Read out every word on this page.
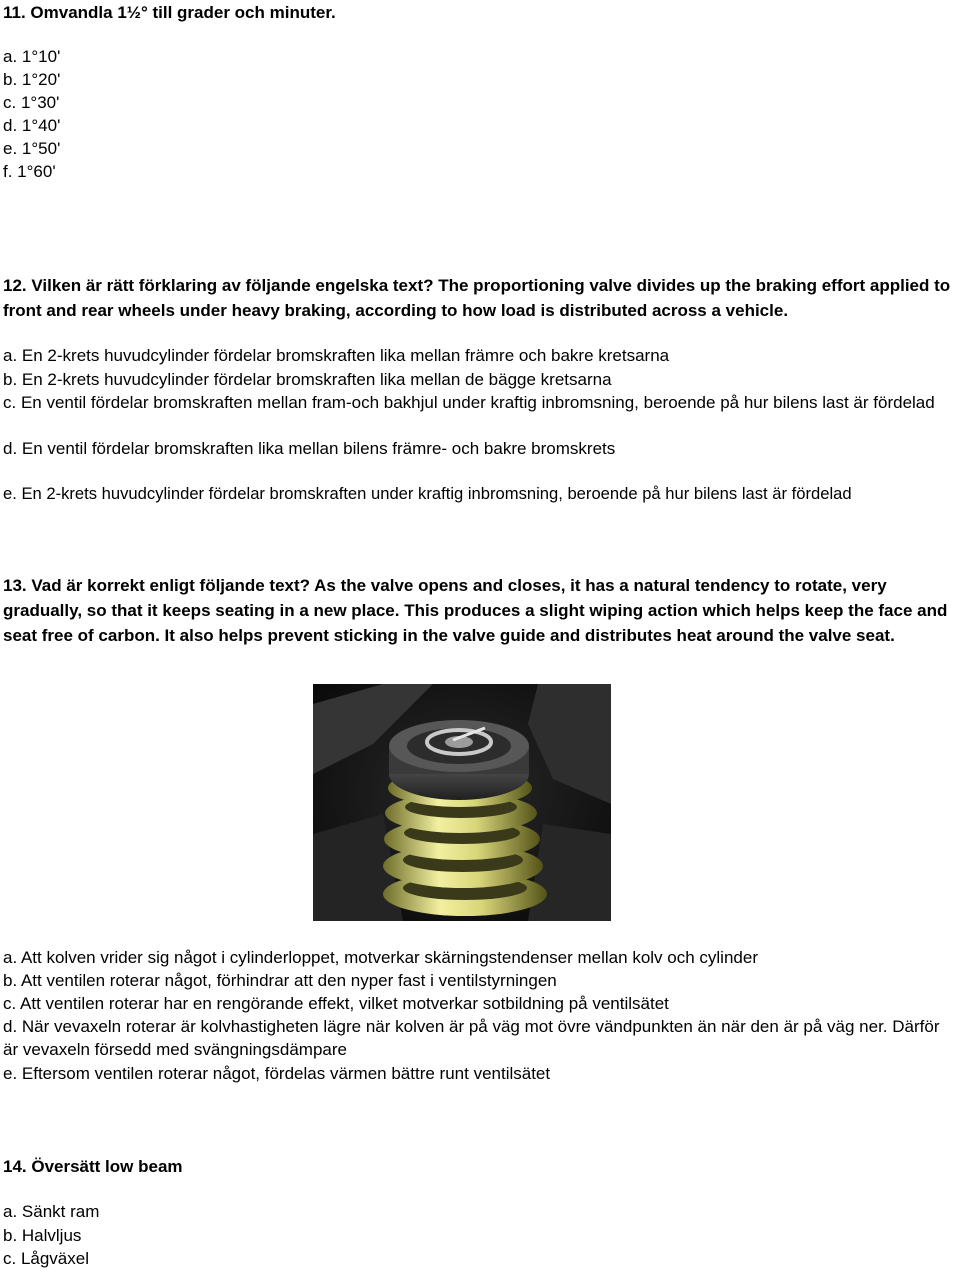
11. Omvandla 1½° till grader och minuter.

a. 1°10'

b. 1°20'

c. 1°30'

d. 1°40'

e. 1°50'

f. 1°60'

12. Vilken är rätt förklaring av följande engelska text? The proportioning valve divides up the braking effort applied to front and rear wheels under heavy braking, according to how load is distributed across a vehicle.

a. En 2-krets huvudcylinder fördelar bromskraften lika mellan främre och bakre kretsarna

b. En 2-krets huvudcylinder fördelar bromskraften lika mellan de bägge kretsarna

c. En ventil fördelar bromskraften mellan fram-och bakhjul under kraftig inbromsning, beroende på hur bilens last är fördelad

d. En ventil fördelar bromskraften lika mellan bilens främre- och bakre bromskrets

e. En 2-krets huvudcylinder fördelar bromskraften under kraftig inbromsning, beroende på hur bilens last är fördelad

13. Vad är korrekt enligt följande text? As the valve opens and closes, it has a natural tendency to rotate, very gradually, so that it keeps seating in a new place. This produces a slight wiping action which helps keep the face and seat free of carbon. It also helps prevent sticking in the valve guide and distributes heat around the valve seat.

a. Att kolven vrider sig något i cylinderloppet, motverkar skärningstendenser mellan kolv och cylinder

b. Att ventilen roterar något, förhindrar att den nyper fast i ventilstyrningen

c. Att ventilen roterar har en rengörande effekt, vilket motverkar sotbildning på ventilsätet

d. När vevaxeln roterar är kolvhastigheten lägre när kolven är på väg mot övre vändpunkten än när den är på väg ner. Därför är vevaxeln försedd med svängningsdämpare

e. Eftersom ventilen roterar något, fördelas värmen bättre runt ventilsätet

14. Översätt low beam

a. Sänkt ram

b. Halvljus

c. Lågväxel
